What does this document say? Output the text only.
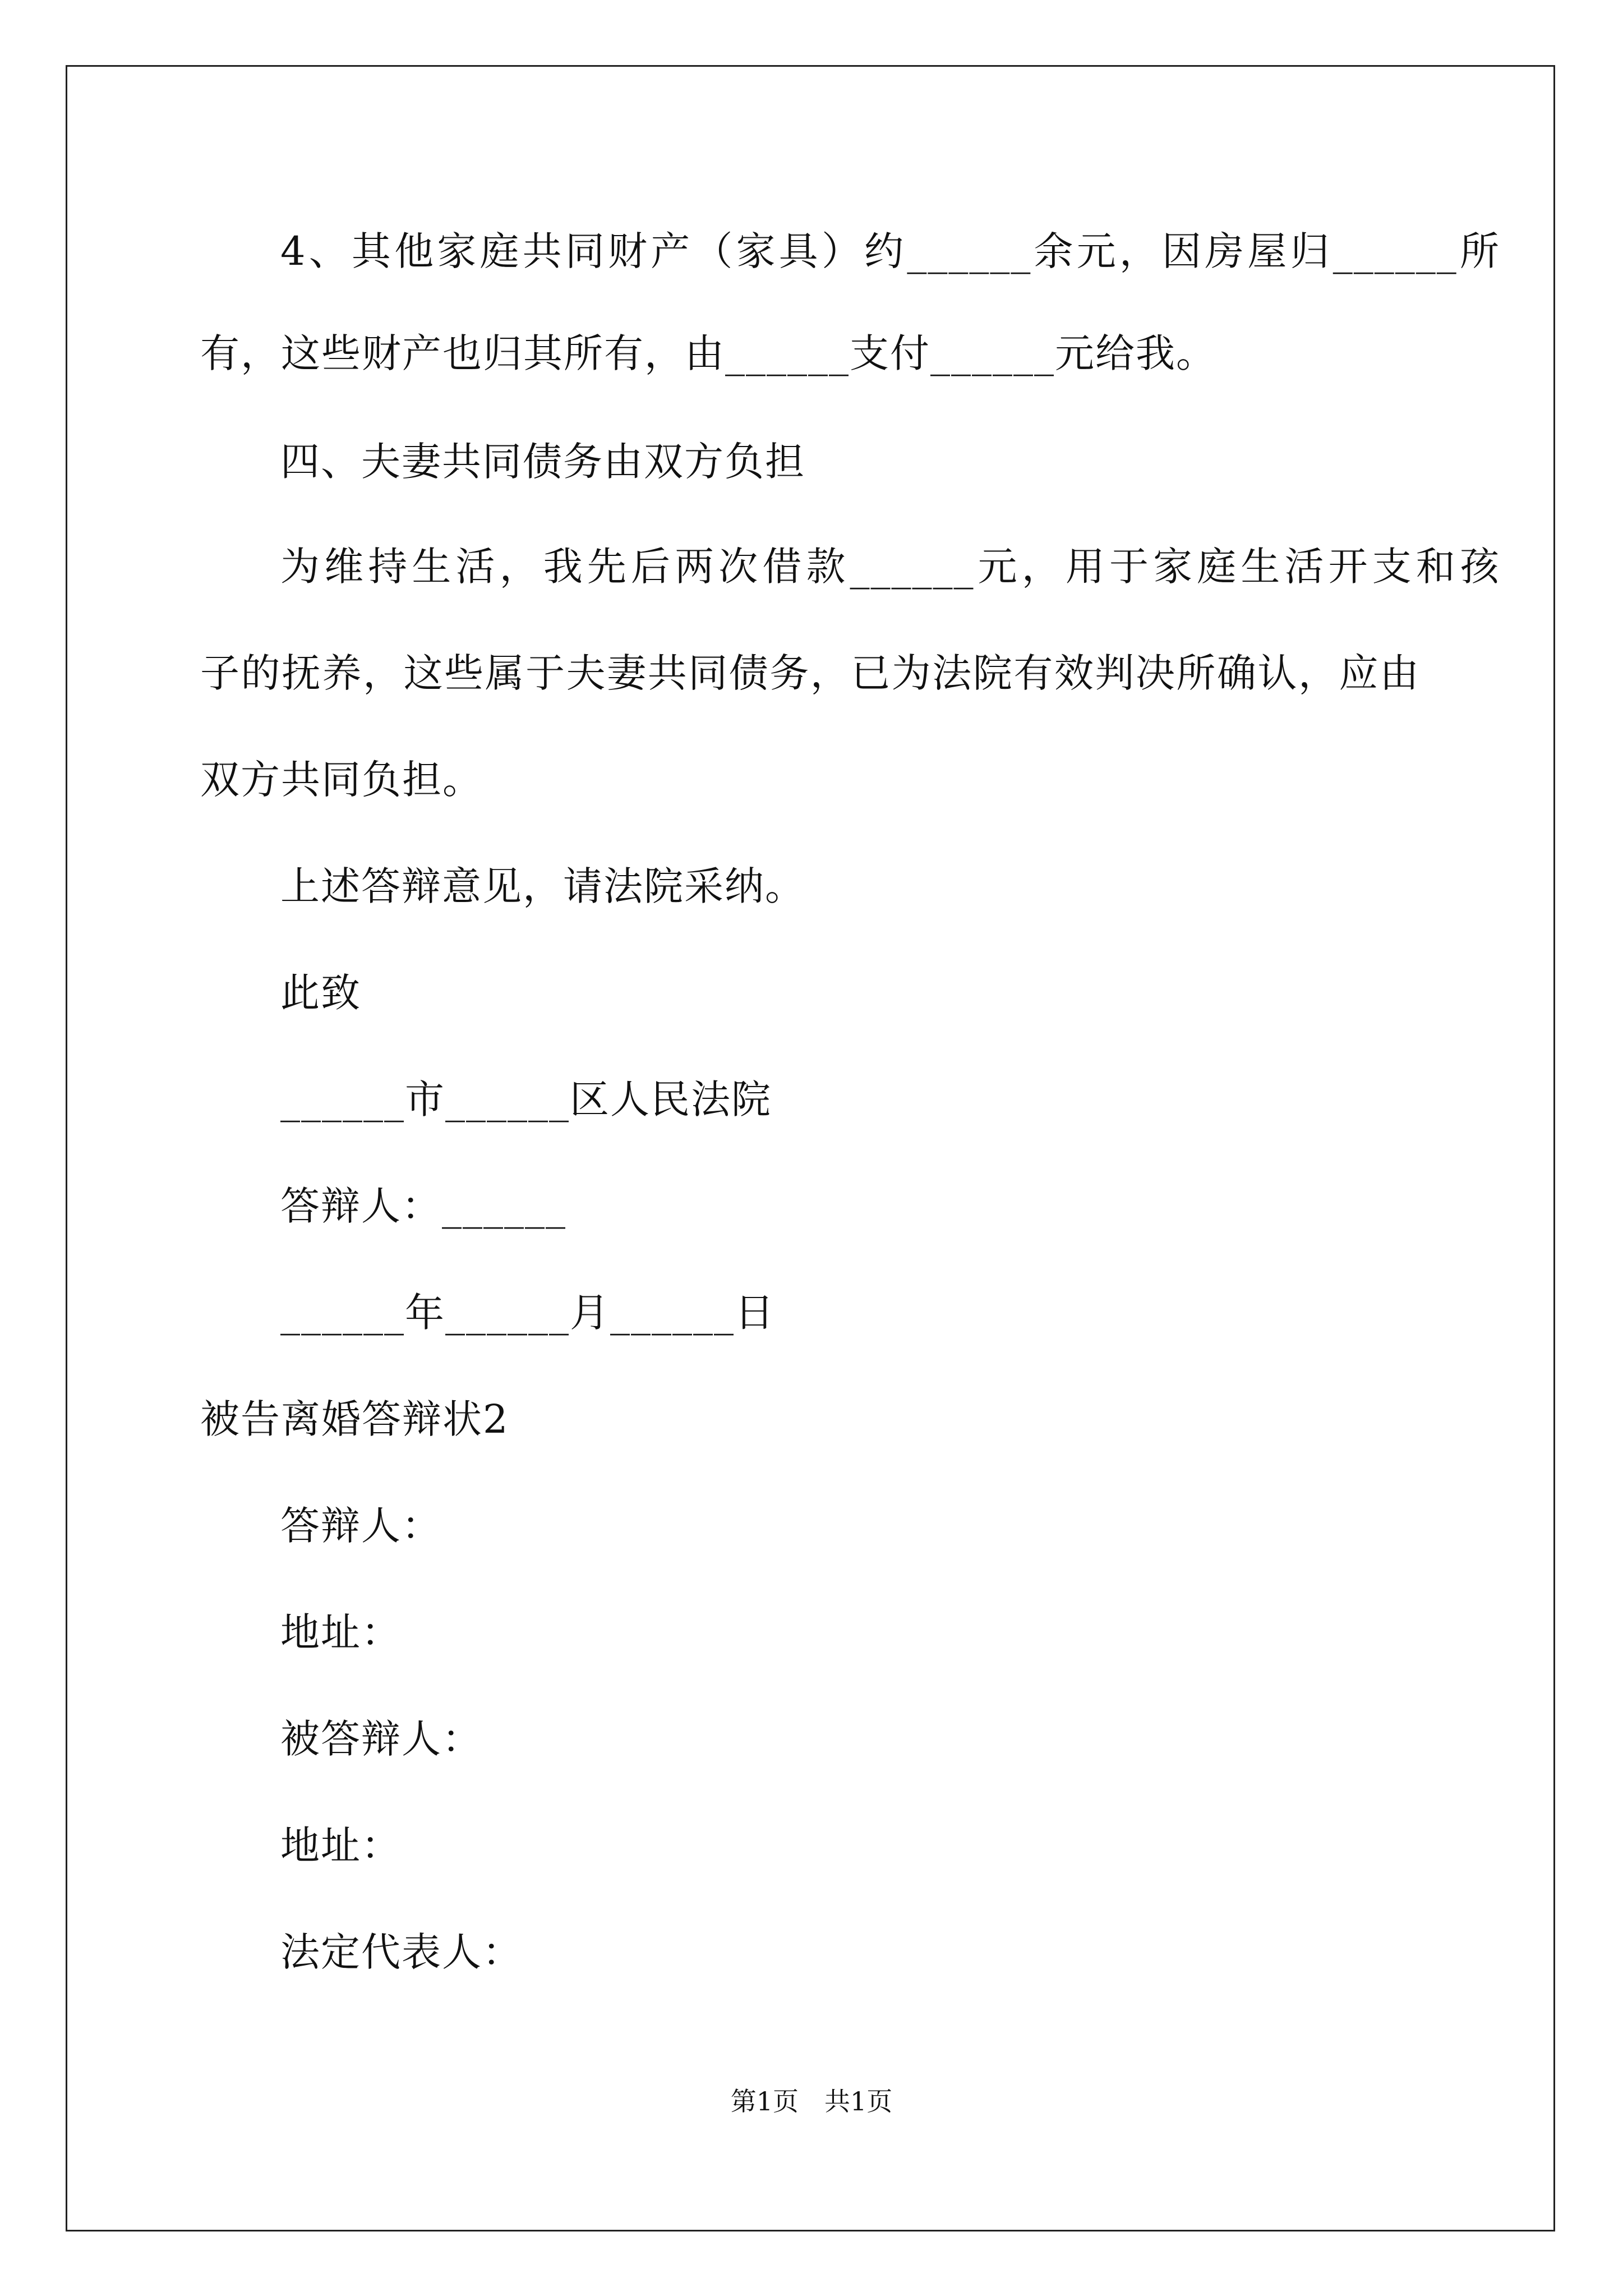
4、其他家庭共同财产（家具）约______余元，因房屋归______所
有，这些财产也归其所有，由______支付______元给我。
四、夫妻共同债务由双方负担
为维持生活，我先后两次借款______元，用于家庭生活开支和孩
子的抚养，这些属于夫妻共同债务，已为法院有效判决所确认，应由
双方共同负担。
上述答辩意见，请法院采纳。
此致
______市______区人民法院
答辩人：______
______年______月______日
被告离婚答辩状2
答辩人：
地址：
被答辩人：
地址：
法定代表人：
第1页　共1页
